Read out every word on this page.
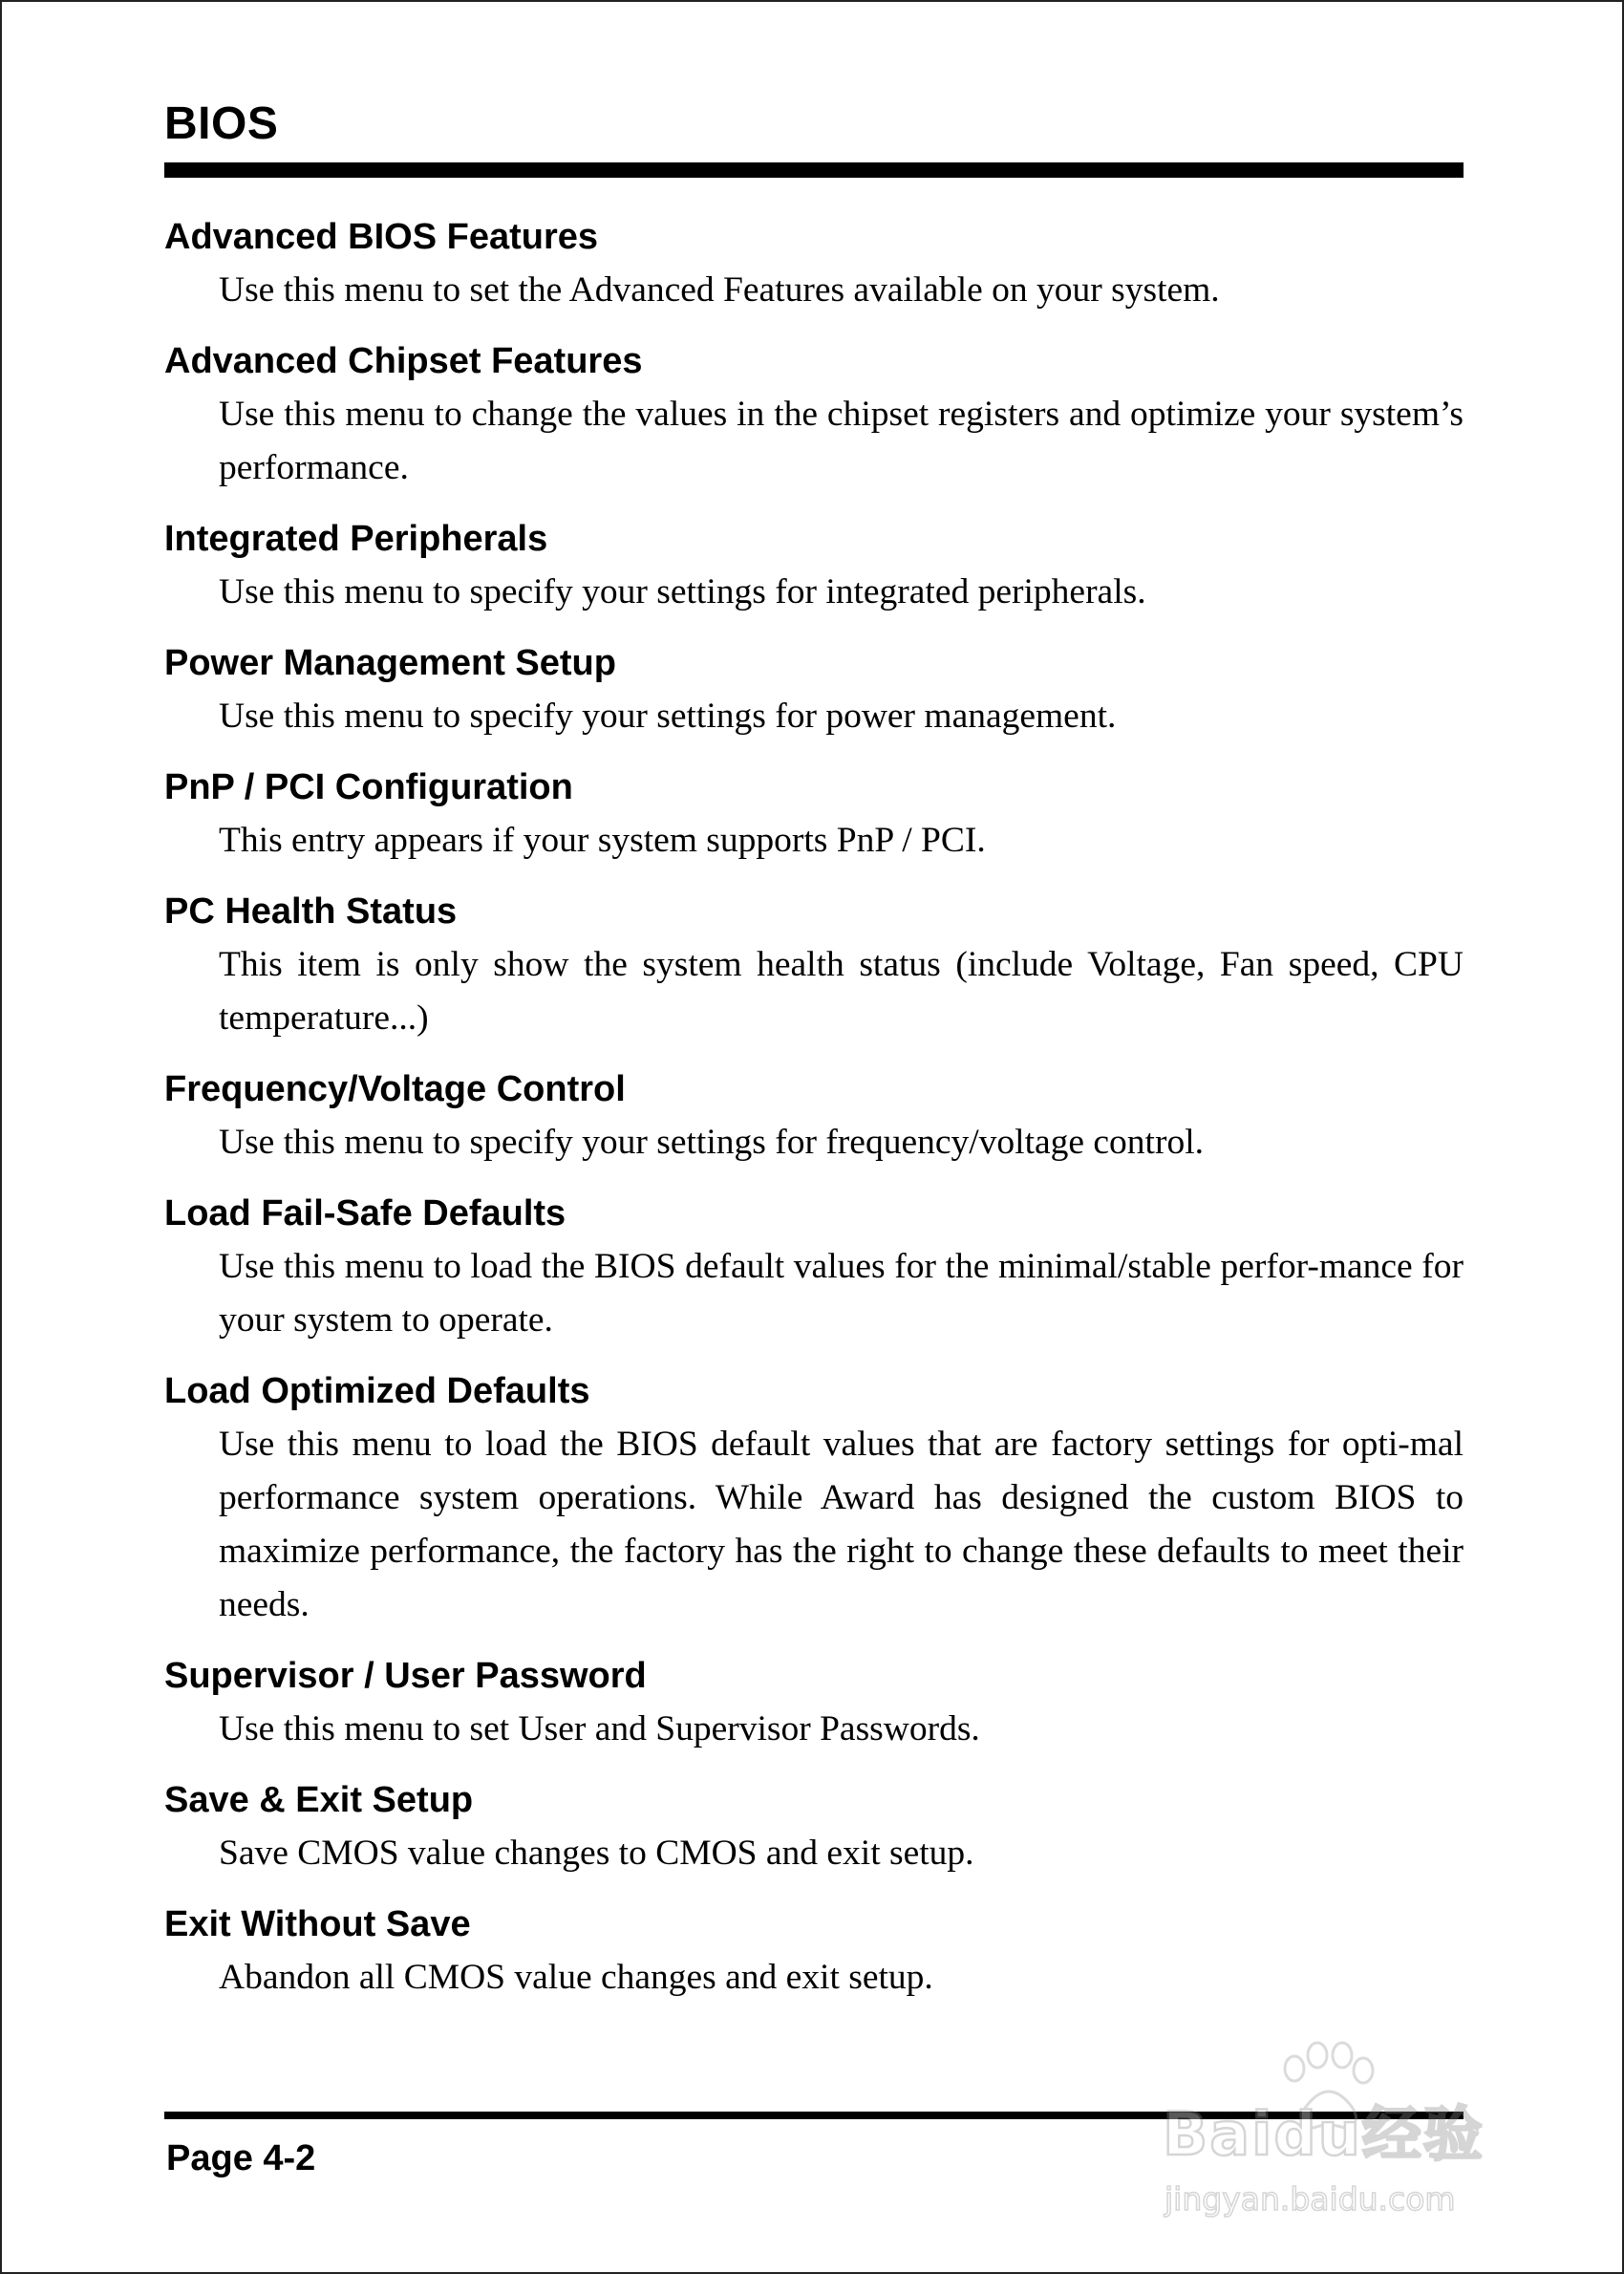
BIOS
Advanced BIOS Features
Use this menu to set the Advanced Features available on your system.
Advanced Chipset Features
Use this menu to change the values in the chipset registers and optimize your system’s performance.
Integrated Peripherals
Use this menu to specify your settings for integrated peripherals.
Power Management Setup
Use this menu to specify your settings for power management.
PnP / PCI Configuration
This entry appears if your system supports PnP / PCI.
PC Health Status
This item is only show the system health status (include Voltage, Fan speed, CPU temperature...)
Frequency/Voltage Control
Use this menu to specify your settings for frequency/voltage control.
Load Fail-Safe Defaults
Use this menu to load the BIOS default values for the minimal/stable perfor-mance for your system to operate.
Load Optimized Defaults
Use this menu to load the BIOS default values that are factory settings for opti-mal performance system operations. While Award has designed the custom BIOS to maximize performance, the factory has the right to change these defaults to meet their needs.
Supervisor / User Password
Use this menu to set User and Supervisor Passwords.
Save & Exit Setup
Save CMOS value changes to CMOS and exit setup.
Exit Without Save
Abandon all CMOS value changes and exit setup.
Page 4-2	Baidu经验
jingyan.baidu.com
